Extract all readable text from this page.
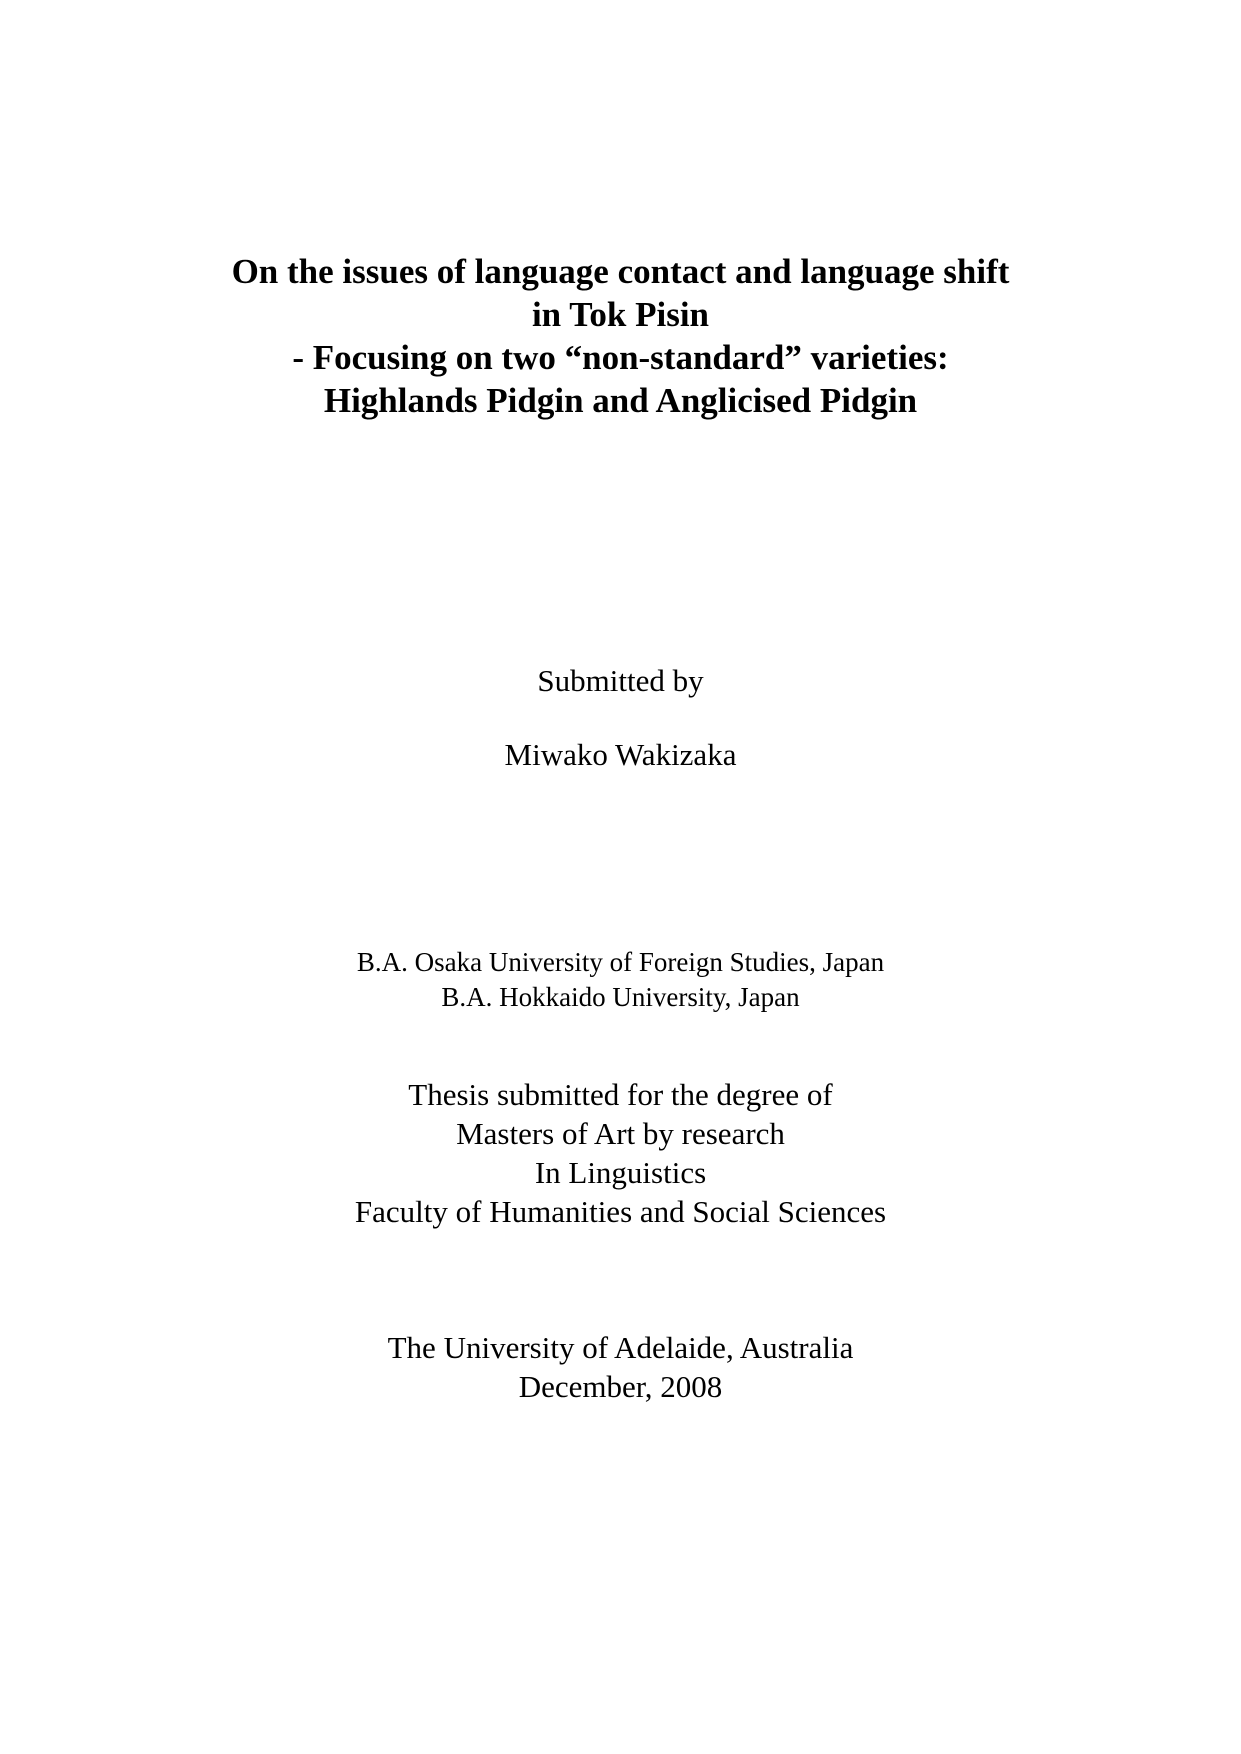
On the issues of language contact and language shift
in Tok Pisin
- Focusing on two “non-standard” varieties:
Highlands Pidgin and Anglicised Pidgin
Submitted by
Miwako Wakizaka
B.A. Osaka University of Foreign Studies, Japan
B.A. Hokkaido University, Japan
Thesis submitted for the degree of
Masters of Art by research
In Linguistics
Faculty of Humanities and Social Sciences
The University of Adelaide, Australia
December, 2008
